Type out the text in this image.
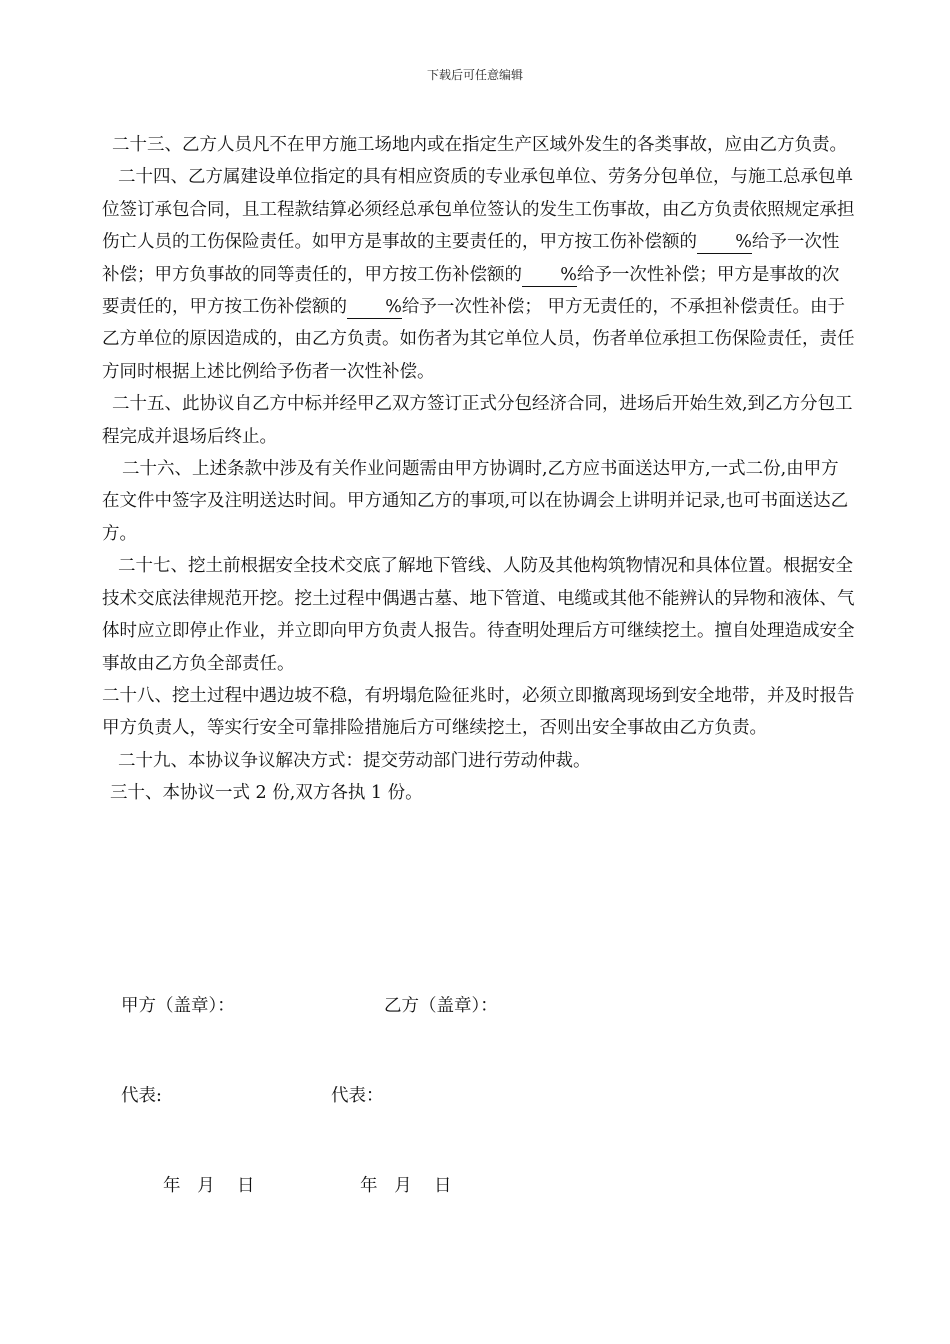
下载后可任意编辑

二十三、乙方人员凡不在甲方施工场地内或在指定生产区域外发生的各类事故，应由乙方负责。

二十四、乙方属建设单位指定的具有相应资质的专业承包单位、劳务分包单位，与施工总承包单位签订承包合同，且工程款结算必须经总承包单位签认的发生工伤事故，由乙方负责依照规定承担伤亡人员的工伤保险责任。如甲方是事故的主要责任的，甲方按工伤补偿额的 %给予一次性补偿；甲方负事故的同等责任的，甲方按工伤补偿额的 %给予一次性补偿；甲方是事故的次要责任的，甲方按工伤补偿额的 %给予一次性补偿； 甲方无责任的，不承担补偿责任。由于乙方单位的原因造成的，由乙方负责。如伤者为其它单位人员，伤者单位承担工伤保险责任，责任方同时根据上述比例给予伤者一次性补偿。

二十五、此协议自乙方中标并经甲乙双方签订正式分包经济合同，进场后开始生效,到乙方分包工程完成并退场后终止。

二十六、上述条款中涉及有关作业问题需由甲方协调时,乙方应书面送达甲方,一式二份,由甲方在文件中签字及注明送达时间。甲方通知乙方的事项,可以在协调会上讲明并记录,也可书面送达乙方。

二十七、挖土前根据安全技术交底了解地下管线、人防及其他构筑物情况和具体位置。根据安全技术交底法律规范开挖。挖土过程中偶遇古墓、地下管道、电缆或其他不能辨认的异物和液体、气体时应立即停止作业，并立即向甲方负责人报告。待查明处理后方可继续挖土。擅自处理造成安全事故由乙方负全部责任。

二十八、挖土过程中遇边坡不稳，有坍塌危险征兆时，必须立即撤离现场到安全地带，并及时报告甲方负责人，等实行安全可靠排险措施后方可继续挖土，否则出安全事故由乙方负责。

二十九、本协议争议解决方式：提交劳动部门进行劳动仲裁。

三十、本协议一式 2 份,双方各执 1 份。

甲方（盖章）：	乙方（盖章）：
代表:	代表：
年   月    日	年   月    日
